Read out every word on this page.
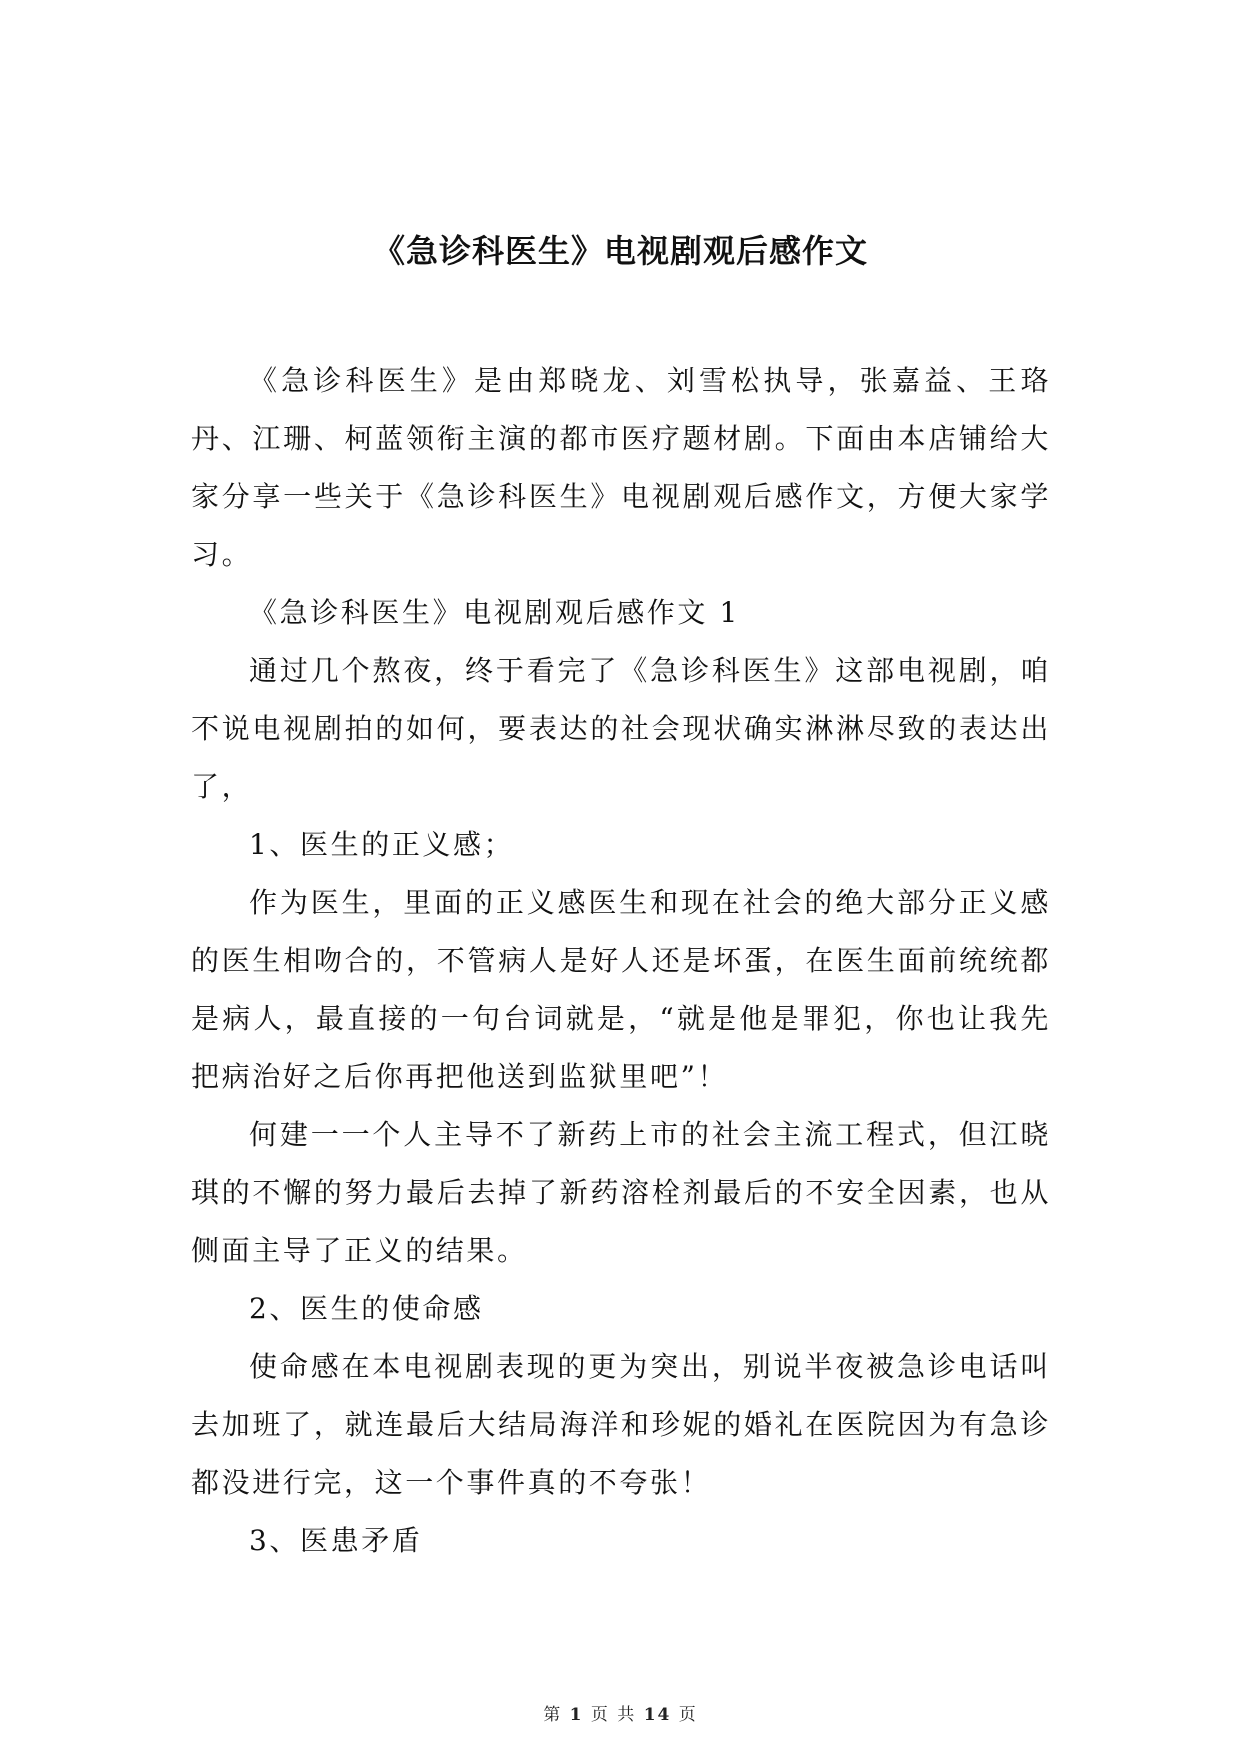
《急诊科医生》电视剧观后感作文

《急诊科医生》是由郑晓龙、刘雪松执导，张嘉益、王珞丹、江珊、柯蓝领衔主演的都市医疗题材剧。下面由本店铺给大家分享一些关于《急诊科医生》电视剧观后感作文，方便大家学习。

《急诊科医生》电视剧观后感作文 1

通过几个熬夜，终于看完了《急诊科医生》这部电视剧，咱不说电视剧拍的如何，要表达的社会现状确实淋淋尽致的表达出了，

1、医生的正义感；

作为医生，里面的正义感医生和现在社会的绝大部分正义感的医生相吻合的，不管病人是好人还是坏蛋，在医生面前统统都是病人，最直接的一句台词就是，“就是他是罪犯，你也让我先把病治好之后你再把他送到监狱里吧”！

何建一一个人主导不了新药上市的社会主流工程式，但江晓琪的不懈的努力最后去掉了新药溶栓剂最后的不安全因素，也从侧面主导了正义的结果。

2、医生的使命感

使命感在本电视剧表现的更为突出，别说半夜被急诊电话叫去加班了，就连最后大结局海洋和珍妮的婚礼在医院因为有急诊都没进行完，这一个事件真的不夸张！

3、医患矛盾

第 1 页 共 14 页
